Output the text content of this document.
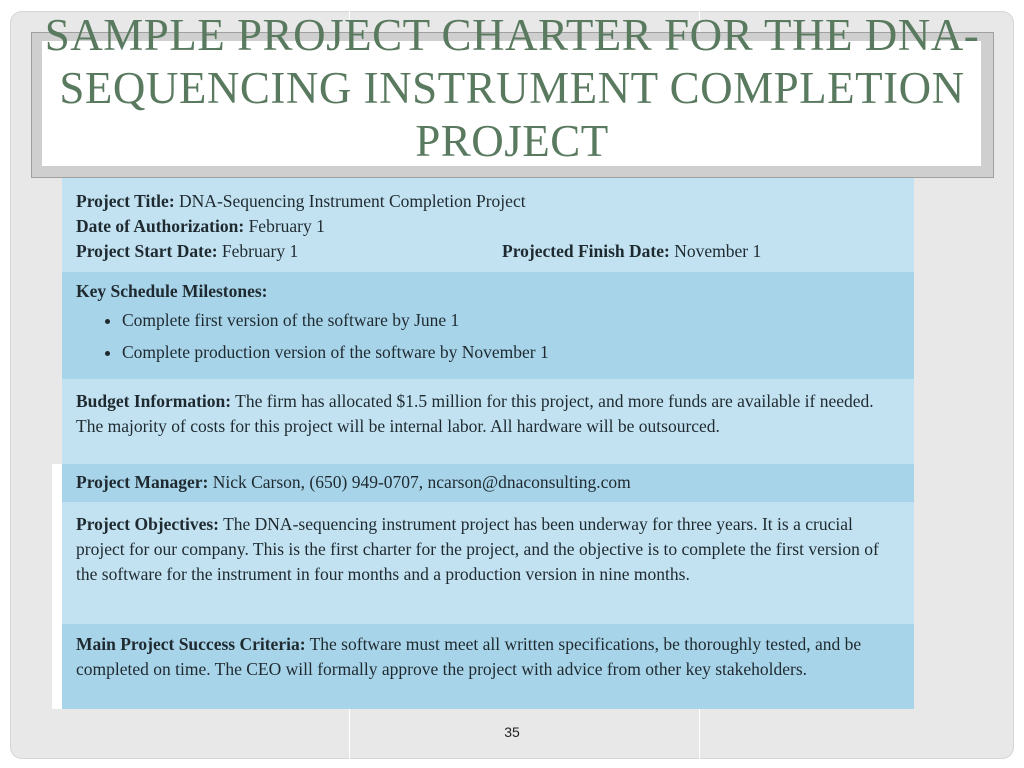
SAMPLE PROJECT CHARTER FOR THE DNA-SEQUENCING INSTRUMENT COMPLETION PROJECT
Project Title: DNA-Sequencing Instrument Completion Project
Date of Authorization: February 1
Project Start Date: February 1	Projected Finish Date: November 1
Key Schedule Milestones:
• Complete first version of the software by June 1
• Complete production version of the software by November 1
Budget Information: The firm has allocated $1.5 million for this project, and more funds are available if needed. The majority of costs for this project will be internal labor. All hardware will be outsourced.
Project Manager: Nick Carson, (650) 949-0707, ncarson@dnaconsulting.com
Project Objectives: The DNA-sequencing instrument project has been underway for three years. It is a crucial project for our company. This is the first charter for the project, and the objective is to complete the first version of the software for the instrument in four months and a production version in nine months.
Main Project Success Criteria: The software must meet all written specifications, be thoroughly tested, and be completed on time. The CEO will formally approve the project with advice from other key stakeholders.
35
